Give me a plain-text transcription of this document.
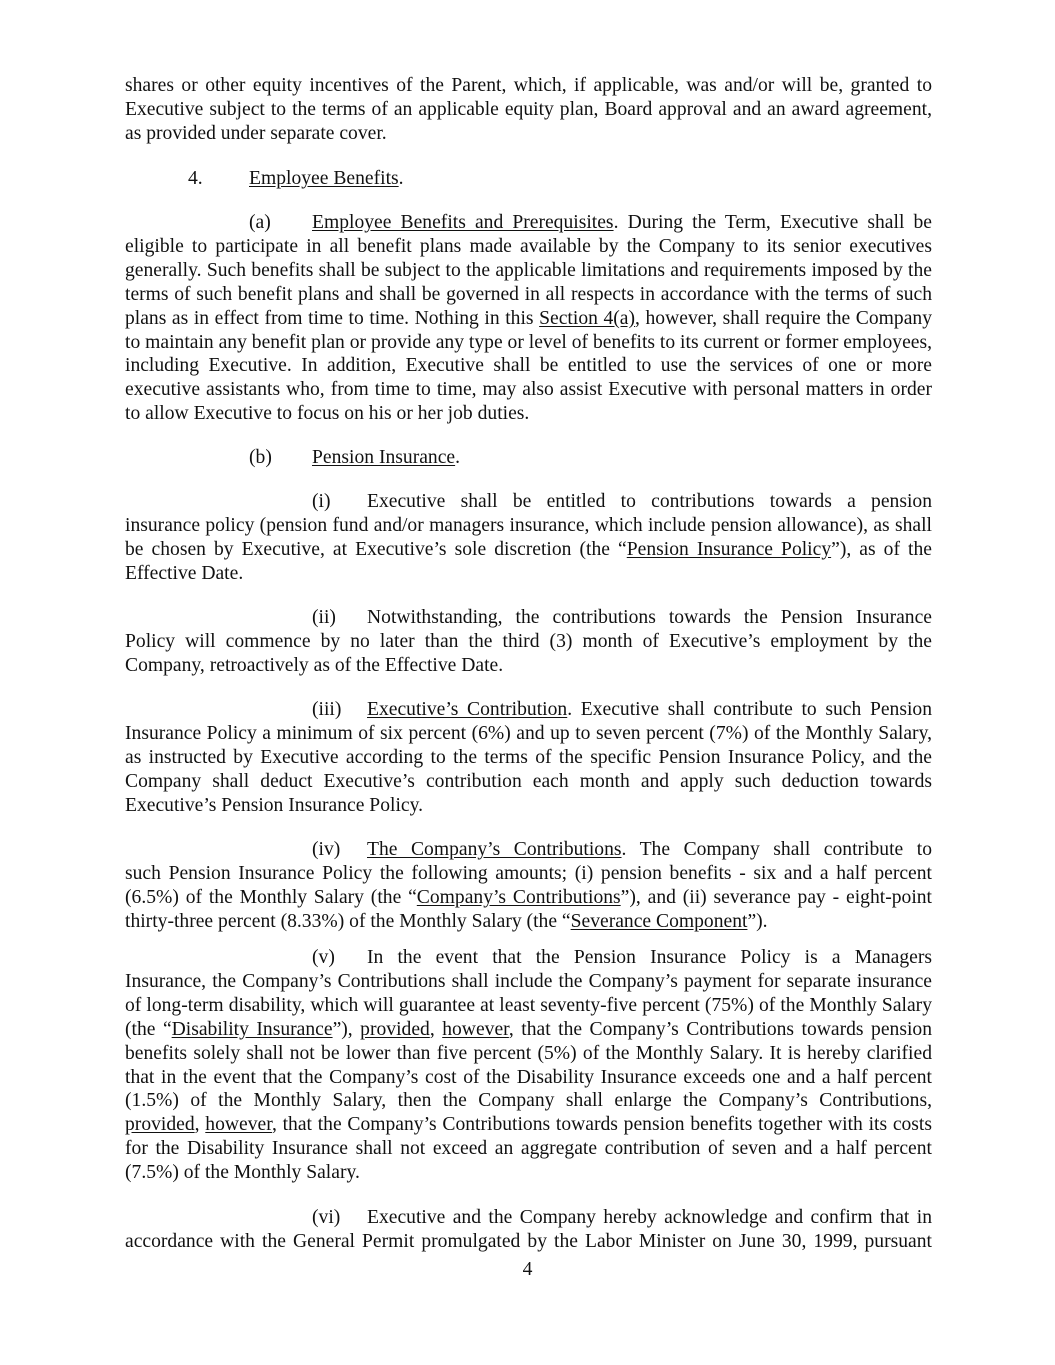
shares or other equity incentives of the Parent, which, if applicable, was and/or will be, granted to Executive subject to the terms of an applicable equity plan, Board approval and an award agreement, as provided under separate cover.

4. Employee Benefits.

(a) Employee Benefits and Prerequisites. During the Term, Executive shall be
eligible to participate in all benefit plans made available by the Company to its senior executives generally. Such benefits shall be subject to the applicable limitations and requirements imposed by the terms of such benefit plans and shall be governed in all respects in accordance with the terms of such plans as in effect from time to time. Nothing in this Section 4(a), however, shall require the Company to maintain any benefit plan or provide any type or level of benefits to its current or former employees, including Executive. In addition, Executive shall be entitled to use the services of one or more executive assistants who, from time to time, may also assist Executive with personal matters in order to allow Executive to focus on his or her job duties.

(b) Pension Insurance.

(i) Executive shall be entitled to contributions towards a pension
insurance policy (pension fund and/or managers insurance, which include pension allowance), as shall be chosen by Executive, at Executive’s sole discretion (the “Pension Insurance Policy”), as of the Effective Date.
(ii) Notwithstanding, the contributions towards the Pension Insurance
Policy will commence by no later than the third (3) month of Executive’s employment by the Company, retroactively as of the Effective Date.
(iii) Executive’s Contribution. Executive shall contribute to such Pension
Insurance Policy a minimum of six percent (6%) and up to seven percent (7%) of the Monthly Salary, as instructed by Executive according to the terms of the specific Pension Insurance Policy, and the Company shall deduct Executive’s contribution each month and apply such deduction towards Executive’s Pension Insurance Policy.
(iv) The Company’s Contributions. The Company shall contribute to
such Pension Insurance Policy the following amounts; (i) pension benefits - six and a half percent (6.5%) of the Monthly Salary (the “Company’s Contributions”), and (ii) severance pay - eight-point thirty-three percent (8.33%) of the Monthly Salary (the “Severance Component”).
(v) In the event that the Pension Insurance Policy is a Managers
Insurance, the Company’s Contributions shall include the Company’s payment for separate insurance of long-term disability, which will guarantee at least seventy-five percent (75%) of the Monthly Salary (the “Disability Insurance”), provided, however, that the Company’s Contributions towards pension benefits solely shall not be lower than five percent (5%) of the Monthly Salary. It is hereby clarified that in the event that the Company’s cost of the Disability Insurance exceeds one and a half percent (1.5%) of the Monthly Salary, then the Company shall enlarge the Company’s Contributions, provided, however, that the Company’s Contributions towards pension benefits together with its costs for the Disability Insurance shall not exceed an aggregate contribution of seven and a half percent (7.5%) of the Monthly Salary.
(vi) Executive and the Company hereby acknowledge and confirm that in
accordance with the General Permit promulgated by the Labor Minister on June 30, 1999, pursuant
4
